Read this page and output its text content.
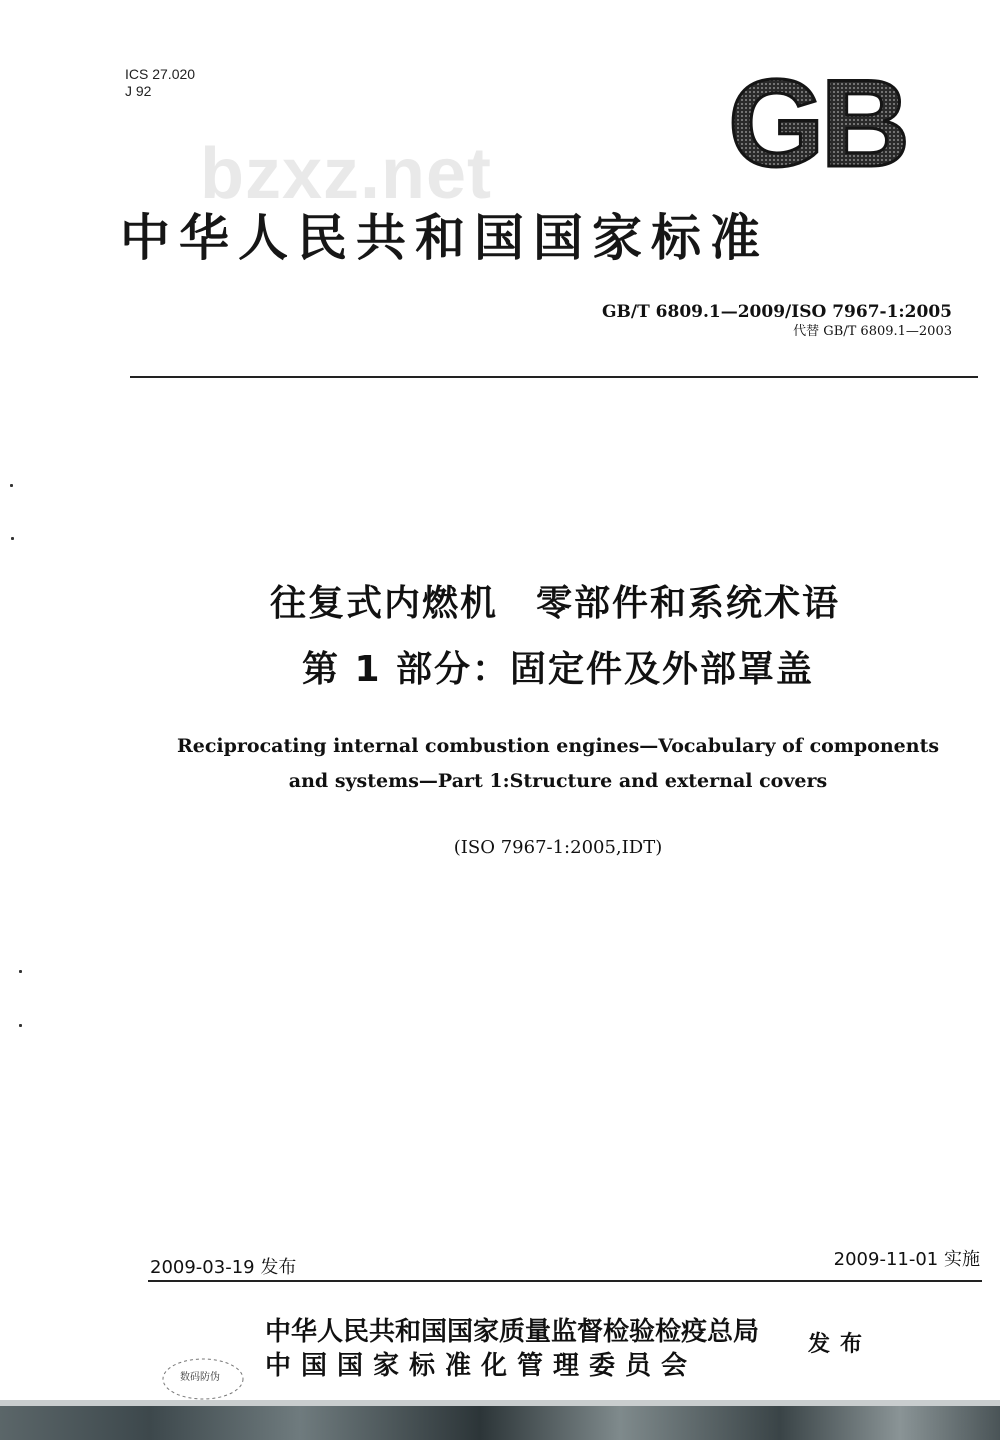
ICS 27.020
J 92
bzxz.net GB
中华人民共和国国家标准
GB/T 6809.1—2009/ISO 7967-1:2005
代替 GB/T 6809.1—2003
往复式内燃机　零部件和系统术语
第 1 部分：固定件及外部罩盖
Reciprocating internal combustion engines—Vocabulary of components
and systems—Part 1:Structure and external covers
(ISO 7967-1:2005,IDT)
2009-03-19 发布	2009-11-01 实施
中华人民共和国国家质量监督检验检疫总局
中国国家标准化管理委员会
发布
数码防伪
